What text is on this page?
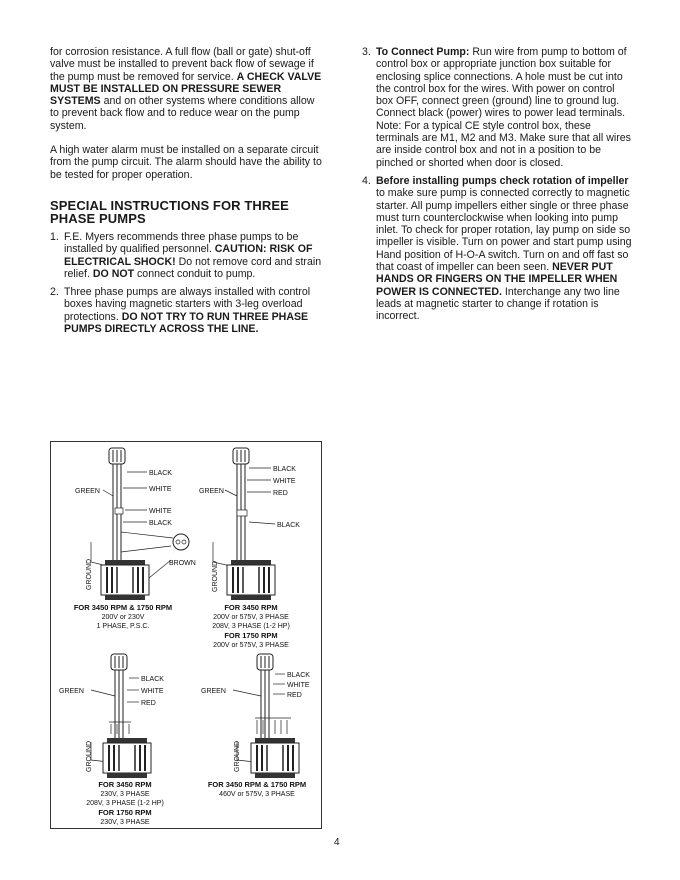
for corrosion resistance. A full flow (ball or gate) shut-off valve must be installed to prevent back flow of sewage if the pump must be removed for service. A CHECK VALVE MUST BE INSTALLED ON PRESSURE SEWER SYSTEMS and on other systems where conditions allow to prevent back flow and to reduce wear on the pump system.

A high water alarm must be installed on a separate circuit from the pump circuit. The alarm should have the ability to be tested for proper operation.

SPECIAL INSTRUCTIONS FOR THREE PHASE PUMPS
1. F.E. Myers recommends three phase pumps to be installed by qualified personnel. CAUTION: RISK OF ELECTRICAL SHOCK! Do not remove cord and strain relief. DO NOT connect conduit to pump.
2. Three phase pumps are always installed with control boxes having magnetic starters with 3-leg overload protections. DO NOT TRY TO RUN THREE PHASE PUMPS DIRECTLY ACROSS THE LINE.
3. To Connect Pump: Run wire from pump to bottom of control box or appropriate junction box suitable for enclosing splice connections. A hole must be cut into the control box for the wires. With power on control box OFF, connect green (ground) line to ground lug. Connect black (power) wires to power lead terminals. Note: For a typical CE style control box, these terminals are M1, M2 and M3. Make sure that all wires are inside control box and not in a position to be pinched or shorted when door is closed.
4. Before installing pumps check rotation of impeller to make sure pump is connected correctly to magnetic starter. All pump impellers either single or three phase must turn counterclockwise when looking into pump inlet. To check for proper rotation, lay pump on side so impeller is visible. Turn on power and start pump using Hand position of H-O-A switch. Turn on and off fast so that coast of impeller can been seen. NEVER PUT HANDS OR FINGERS ON THE IMPELLER WHEN POWER IS CONNECTED. Interchange any two line leads at magnetic starter to change if rotation is incorrect.
BLACK
WHITE
GREEN
WHITE
BLACK
GROUND	BROWN
FOR 3450 RPM & 1750 RPM
200V or 230V
1 PHASE, P.S.C.
BLACK
WHITE
RED
GREEN
BLACK
GROUND
FOR 3450 RPM
200V or 575V, 3 PHASE
208V, 3 PHASE (1-2 HP)
FOR 1750 RPM
200V or 575V, 3 PHASE
BLACK
WHITE
RED
GREEN
GROUND
FOR 3450 RPM
230V, 3 PHASE
208V, 3 PHASE (1-2 HP)
FOR 1750 RPM
230V, 3 PHASE
BLACK
WHITE
RED
GREEN
GROUND
FOR 3450 RPM & 1750 RPM
460V or 575V, 3 PHASE
4
